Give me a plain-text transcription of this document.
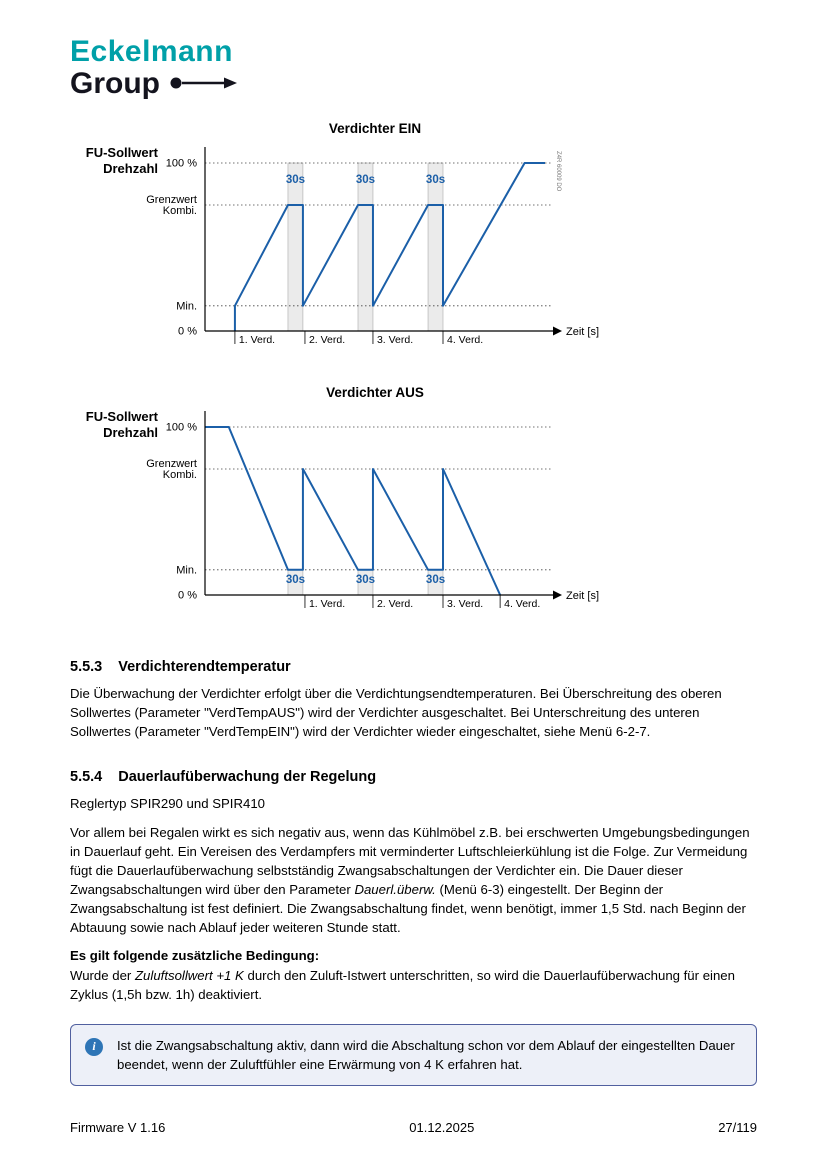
Eckelmann
Group
Verdichter EIN
FU-Sollwert
Drehzahl
30s	30s	30s
Zeit [s]
1. Verd.	2. Verd.	3. Verd.	4. Verd.
100 %
Grenzwert
Kombi.
Min.
0 %
Z4R 60009 DO
Verdichter AUS
FU-Sollwert
Drehzahl
30s	30s	30s
Zeit [s]
1. Verd.	2. Verd.	3. Verd. 4. Verd.
100 %
Grenzwert
Kombi.
Min.
0 %
5.5.3 Verdichterendtemperatur

Die Überwachung der Verdichter erfolgt über die Verdichtungsendtemperaturen. Bei Überschreitung des oberen Sollwertes (Parameter "VerdTempAUS") wird der Verdichter ausgeschaltet. Bei Unterschreitung des unteren Sollwertes (Parameter "VerdTempEIN") wird der Verdichter wieder eingeschaltet, siehe Menü 6-2-7.

5.5.4 Dauerlaufüberwachung der Regelung

Reglertyp SPIR290 und SPIR410

Vor allem bei Regalen wirkt es sich negativ aus, wenn das Kühlmöbel z.B. bei erschwerten Umgebungsbedingungen in Dauerlauf geht. Ein Vereisen des Verdampfers mit verminderter Luftschleierkühlung ist die Folge. Zur Vermeidung fügt die Dauerlaufüberwachung selbstständig Zwangsabschaltungen der Verdichter ein. Die Dauer dieser Zwangsabschaltungen wird über den Parameter Dauerl.überw. (Menü 6-3) eingestellt. Der Beginn der Zwangsabschaltung ist fest definiert. Die Zwangsabschaltung findet, wenn benötigt, immer 1,5 Std. nach Beginn der Abtauung sowie nach Ablauf jeder weiteren Stunde statt.

Es gilt folgende zusätzliche Bedingung:

Wurde der Zuluftsollwert +1 K durch den Zuluft-Istwert unterschritten, so wird die Dauerlaufüberwachung für einen Zyklus (1,5h bzw. 1h) deaktiviert.

i Ist die Zwangsabschaltung aktiv, dann wird die Abschaltung schon vor dem Ablauf der eingestellten Dauer beendet, wenn der Zuluftfühler eine Erwärmung von 4 K erfahren hat.

Firmware V 1.16	01.12.2025	27/119
